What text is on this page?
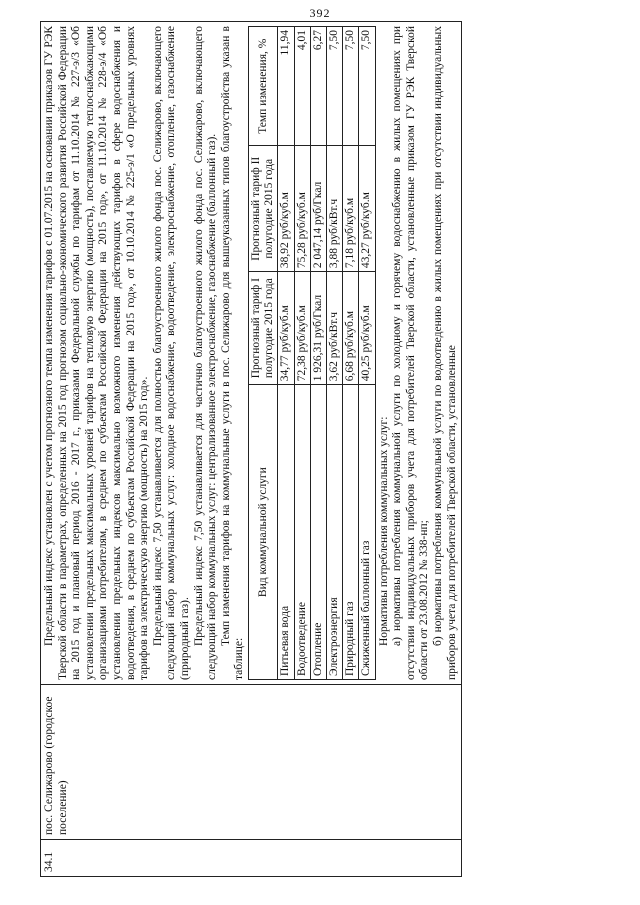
392
34.1	пос. Селижарово (городское поселение)	

Предельный индекс установлен с учетом прогнозного темпа изменения тарифов с 01.07.2015 на основании приказов ГУ РЭК Тверской области в параметрах, определенных на 2015 год прогнозом социально-экономического развития Российской Федерации на 2015 год и плановый период 2016 - 2017 г., приказами Федеральной службы по тарифам от 11.10.2014 № 227-э/3 «Об установлении предельных максимальных уровней тарифов на тепловую энергию (мощность), поставляемую теплоснабжающими организациями потребителям, в среднем по субъектам Российской Федерации на 2015 год», от 11.10.2014 № 228-э/4 «Об установлении предельных индексов максимально возможного изменения действующих тарифов в сфере водоснабжения и водоотведения, в среднем по субъектам Российской Федерации на 2015 год», от 10.10.2014 № 225-э/1 «О предельных уровнях тарифов на электрическую энергию (мощность) на 2015 год». Предельный индекс 7,50 устанавливается для полностью благоустроенного жилого фонда пос. Селижарово, включающего следующий набор коммунальных услуг: холодное водоснабжение, водоотведение, электроснабжение, отопление, газоснабжение (природный газ). Предельный индекс 7,50 устанавливается для частично благоустроенного жилого фонда пос. Селижарово, включающего следующий набор коммунальных услуг: централизованное электроснабжение, газоснабжение (баллонный газ). Темп изменения тарифов на коммунальные услуги в пос. Селижарово для вышеуказанных типов благоустройства указан в таблице:

Вид коммунальной услуги	Прогнозный тариф I полугодие 2015 года	Прогнозный тариф II полугодие 2015 года	Темп изменения, %
Питьевая вода	34,77 руб/куб.м	38,92 руб/куб.м	11,94
Водоотведение	72,38 руб/куб.м	75,28 руб/куб.м	4,01
Отопление	1 926,31 руб/Гкал	2 047,14 руб/Гкал	6,27
Электроэнергия	3,62 руб/кВт.ч	3,88 руб/кВт.ч	7,50
Природный газ	6,68 руб/куб.м	7,18 руб/куб.м	7,50
Сжиженный баллонный газ	40,25 руб/куб.м	43,27 руб/куб.м	7,50

Нормативы потребления коммунальных услуг: а) нормативы потребления коммунальной услуги по холодному и горячему водоснабжению в жилых помещениях при отсутствии индивидуальных приборов учета для потребителей Тверской области, установленные приказом ГУ РЭК Тверской области от 23.08.2012 № 338-нп; б) нормативы потребления коммунальной услуги по водоотведению в жилых помещениях при отсутствии индивидуальных приборов учета для потребителей Тверской области, установленные
